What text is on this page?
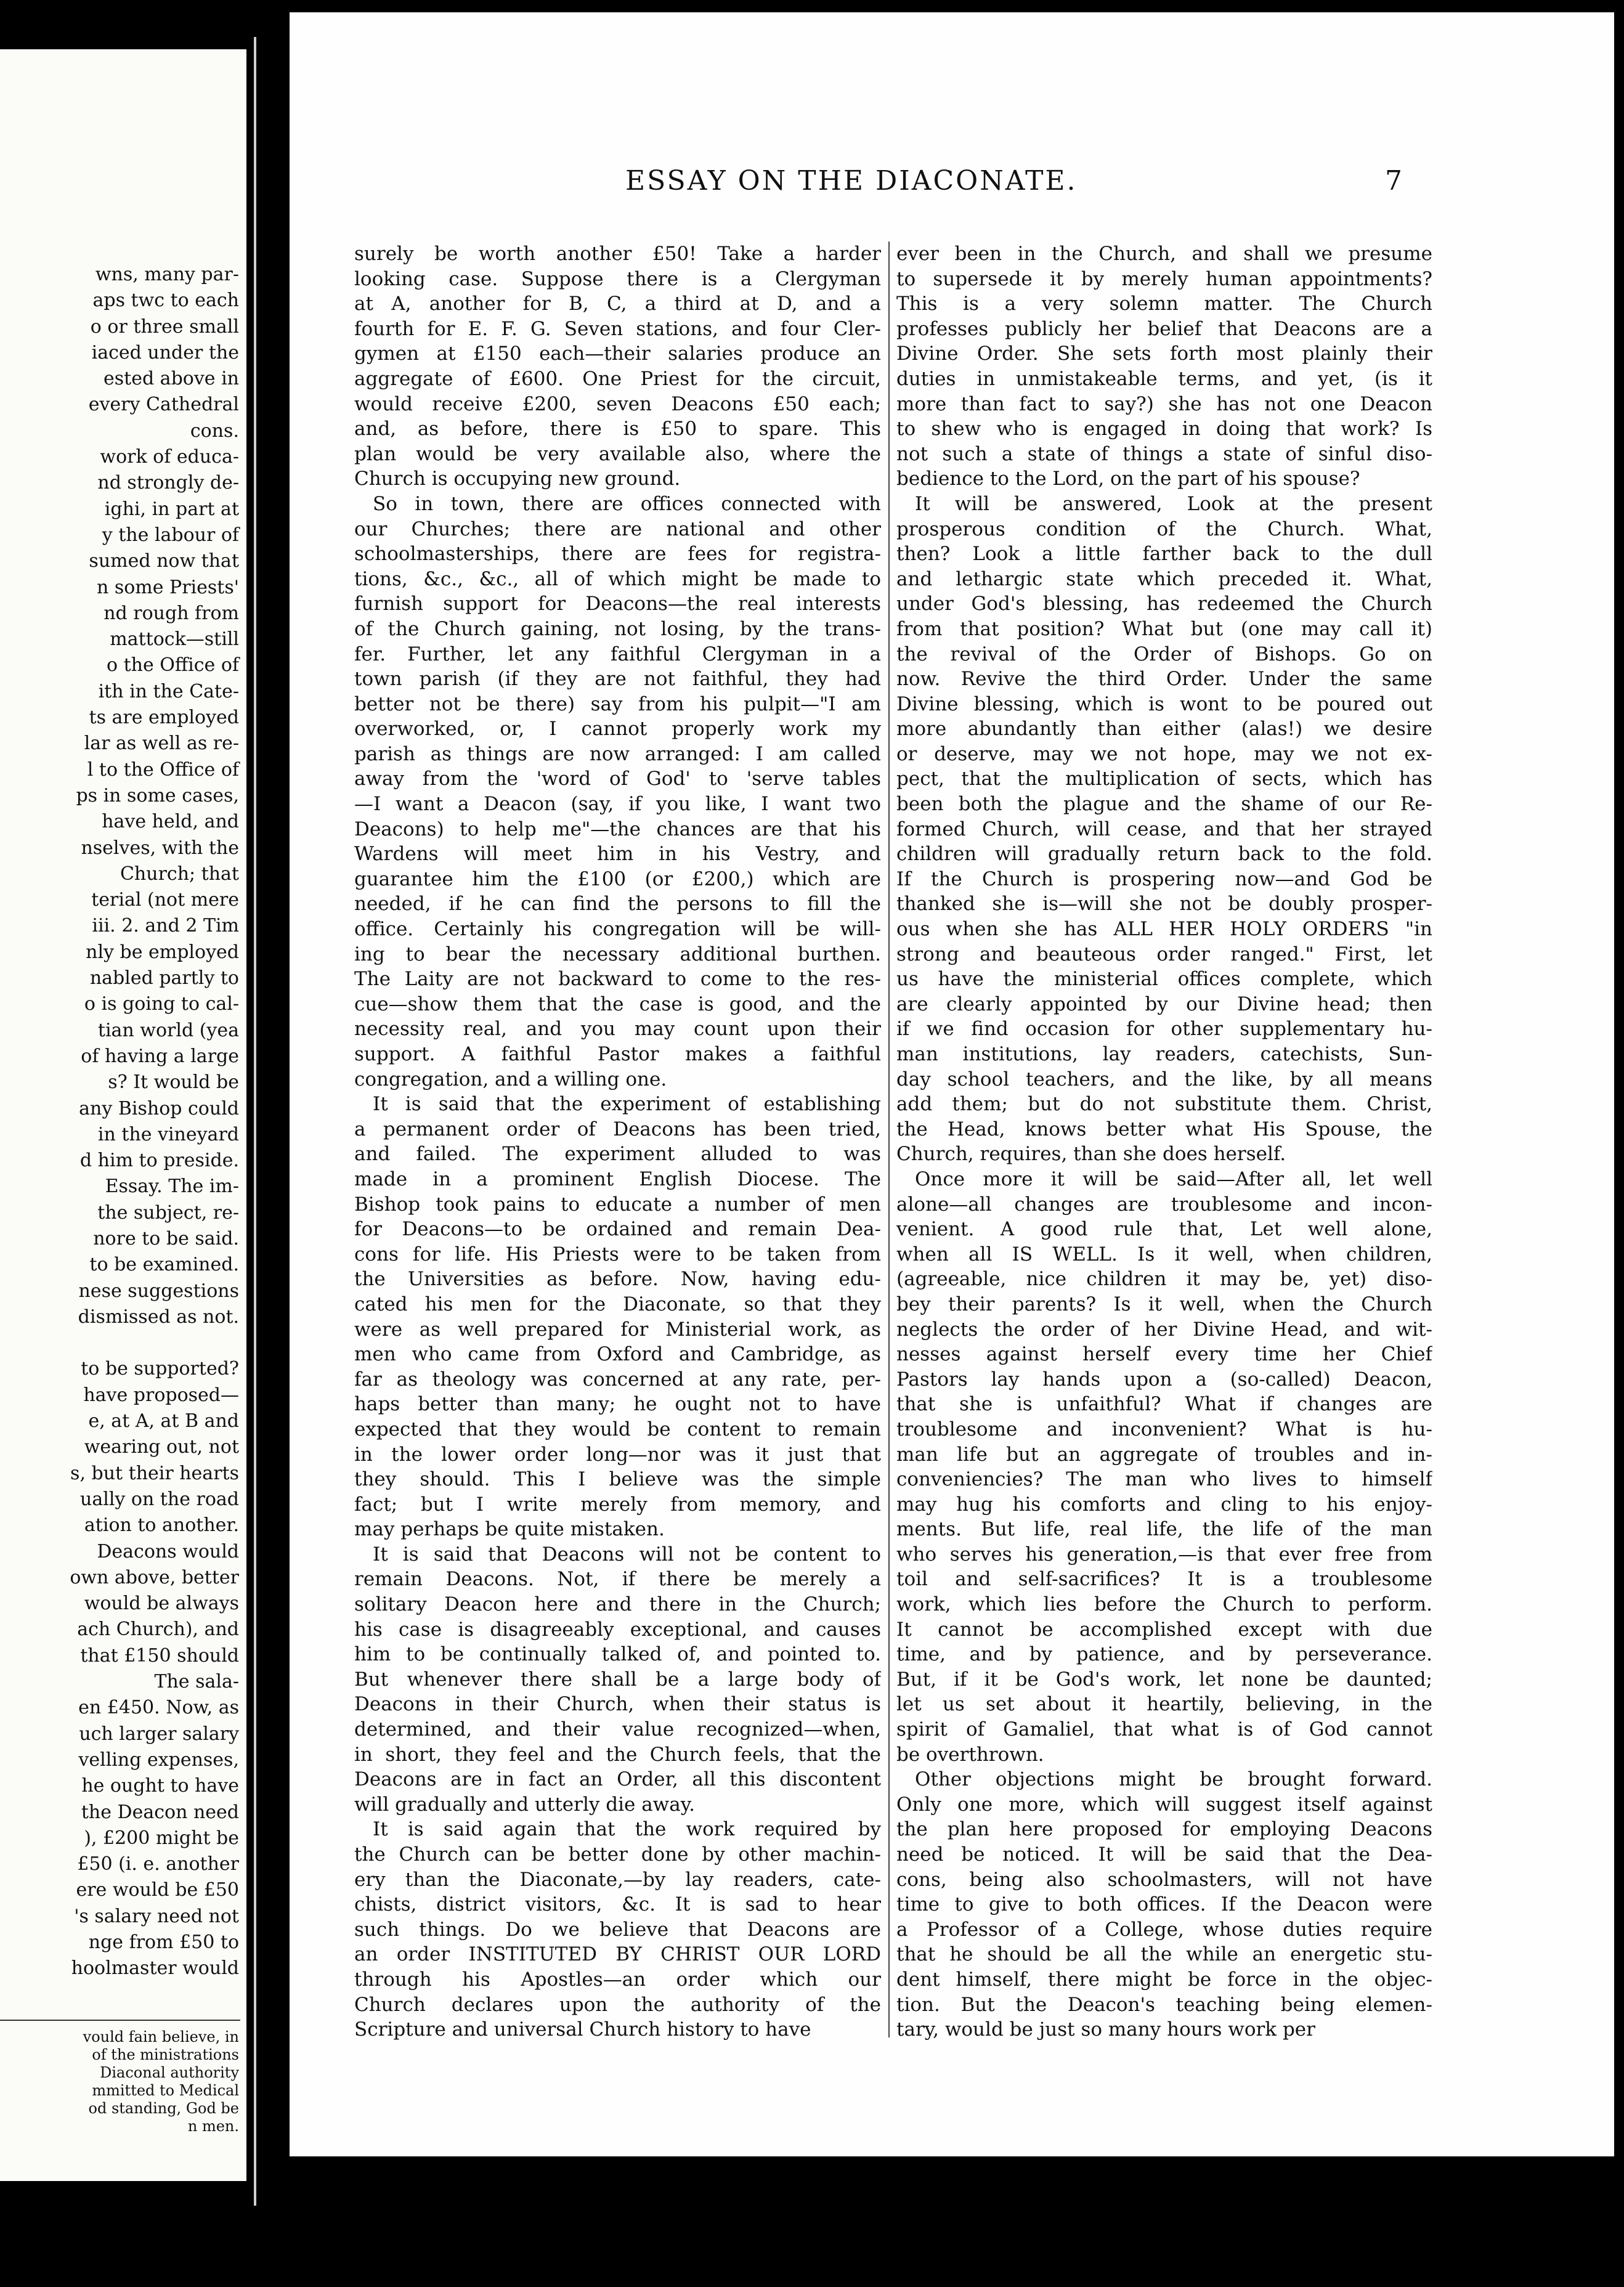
wns, many par-
aps twc to each
o or three small
iaced under the
ested above in
every Cathedral
cons.
work of educa-
nd strongly de-
ighi, in part at
y the labour of
sumed now that
n some Priests'
nd rough from
mattock—still
o the Office of
ith in the Cate-
ts are employed
lar as well as re-
l to the Office of
ps in some cases,
have held, and
nselves, with the
Church; that
terial (not mere
iii. 2. and 2 Tim
nly be employed
nabled partly to
o is going to cal-
tian world (yea
of having a large
s? It would be
any Bishop could
in the vineyard
d him to preside.
Essay. The im-
the subject, re-
nore to be said.
to be examined.
nese suggestions
dismissed as not.

to be supported?
have proposed—
e, at A, at B and
wearing out, not
s, but their hearts
ually on the road
ation to another.
Deacons would
own above, better
would be always
ach Church), and
that £150 should
The sala-
en £450. Now, as
uch larger salary
velling expenses,
he ought to have
the Deacon need
), £200 might be
£50 (i. e. another
ere would be £50
's salary need not
nge from £50 to
hoolmaster would
vould fain believe, in
of the ministrations
Diaconal authority
mmitted to Medical
od standing, God be
n men.
ESSAY ON THE DIACONATE.	7
surely be worth another £50! Take a harder
looking case. Suppose there is a Clergyman
at A, another for B, C, a third at D, and a
fourth for E. F. G. Seven stations, and four Cler-
gymen at £150 each—their salaries produce an
aggregate of £600. One Priest for the circuit,
would receive £200, seven Deacons £50 each;
and, as before, there is £50 to spare. This
plan would be very available also, where the
Church is occupying new ground.
So in town, there are offices connected with
our Churches; there are national and other
schoolmasterships, there are fees for registra-
tions, &c., &c., all of which might be made to
furnish support for Deacons—the real interests
of the Church gaining, not losing, by the trans-
fer. Further, let any faithful Clergyman in a
town parish (if they are not faithful, they had
better not be there) say from his pulpit—"I am
overworked, or, I cannot properly work my
parish as things are now arranged: I am called
away from the 'word of God' to 'serve tables
—I want a Deacon (say, if you like, I want two
Deacons) to help me"—the chances are that his
Wardens will meet him in his Vestry, and
guarantee him the £100 (or £200,) which are
needed, if he can find the persons to fill the
office. Certainly his congregation will be will-
ing to bear the necessary additional burthen.
The Laity are not backward to come to the res-
cue—show them that the case is good, and the
necessity real, and you may count upon their
support. A faithful Pastor makes a faithful
congregation, and a willing one.
It is said that the experiment of establishing
a permanent order of Deacons has been tried,
and failed. The experiment alluded to was
made in a prominent English Diocese. The
Bishop took pains to educate a number of men
for Deacons—to be ordained and remain Dea-
cons for life. His Priests were to be taken from
the Universities as before. Now, having edu-
cated his men for the Diaconate, so that they
were as well prepared for Ministerial work, as
men who came from Oxford and Cambridge, as
far as theology was concerned at any rate, per-
haps better than many; he ought not to have
expected that they would be content to remain
in the lower order long—nor was it just that
they should. This I believe was the simple
fact; but I write merely from memory, and
may perhaps be quite mistaken.
It is said that Deacons will not be content to
remain Deacons. Not, if there be merely a
solitary Deacon here and there in the Church;
his case is disagreeably exceptional, and causes
him to be continually talked of, and pointed to.
But whenever there shall be a large body of
Deacons in their Church, when their status is
determined, and their value recognized—when,
in short, they feel and the Church feels, that the
Deacons are in fact an Order, all this discontent
will gradually and utterly die away.
It is said again that the work required by
the Church can be better done by other machin-
ery than the Diaconate,—by lay readers, cate-
chists, district visitors, &c. It is sad to hear
such things. Do we believe that Deacons are
an order INSTITUTED BY CHRIST OUR LORD
through his Apostles—an order which our
Church declares upon the authority of the
Scripture and universal Church history to have
ever been in the Church, and shall we presume
to supersede it by merely human appointments?
This is a very solemn matter. The Church
professes publicly her belief that Deacons are a
Divine Order. She sets forth most plainly their
duties in unmistakeable terms, and yet, (is it
more than fact to say?) she has not one Deacon
to shew who is engaged in doing that work? Is
not such a state of things a state of sinful diso-
bedience to the Lord, on the part of his spouse?
It will be answered, Look at the present
prosperous condition of the Church. What,
then? Look a little farther back to the dull
and lethargic state which preceded it. What,
under God's blessing, has redeemed the Church
from that position? What but (one may call it)
the revival of the Order of Bishops. Go on
now. Revive the third Order. Under the same
Divine blessing, which is wont to be poured out
more abundantly than either (alas!) we desire
or deserve, may we not hope, may we not ex-
pect, that the multiplication of sects, which has
been both the plague and the shame of our Re-
formed Church, will cease, and that her strayed
children will gradually return back to the fold.
If the Church is prospering now—and God be
thanked she is—will she not be doubly prosper-
ous when she has ALL HER HOLY ORDERS "in
strong and beauteous order ranged." First, let
us have the ministerial offices complete, which
are clearly appointed by our Divine head; then
if we find occasion for other supplementary hu-
man institutions, lay readers, catechists, Sun-
day school teachers, and the like, by all means
add them; but do not substitute them. Christ,
the Head, knows better what His Spouse, the
Church, requires, than she does herself.
Once more it will be said—After all, let well
alone—all changes are troublesome and incon-
venient. A good rule that, Let well alone,
when all IS WELL. Is it well, when children,
(agreeable, nice children it may be, yet) diso-
bey their parents? Is it well, when the Church
neglects the order of her Divine Head, and wit-
nesses against herself every time her Chief
Pastors lay hands upon a (so-called) Deacon,
that she is unfaithful? What if changes are
troublesome and inconvenient? What is hu-
man life but an aggregate of troubles and in-
conveniencies? The man who lives to himself
may hug his comforts and cling to his enjoy-
ments. But life, real life, the life of the man
who serves his generation,—is that ever free from
toil and self-sacrifices? It is a troublesome
work, which lies before the Church to perform.
It cannot be accomplished except with due
time, and by patience, and by perseverance.
But, if it be God's work, let none be daunted;
let us set about it heartily, believing, in the
spirit of Gamaliel, that what is of God cannot
be overthrown.
Other objections might be brought forward.
Only one more, which will suggest itself against
the plan here proposed for employing Deacons
need be noticed. It will be said that the Dea-
cons, being also schoolmasters, will not have
time to give to both offices. If the Deacon were
a Professor of a College, whose duties require
that he should be all the while an energetic stu-
dent himself, there might be force in the objec-
tion. But the Deacon's teaching being elemen-
tary, would be just so many hours work per
